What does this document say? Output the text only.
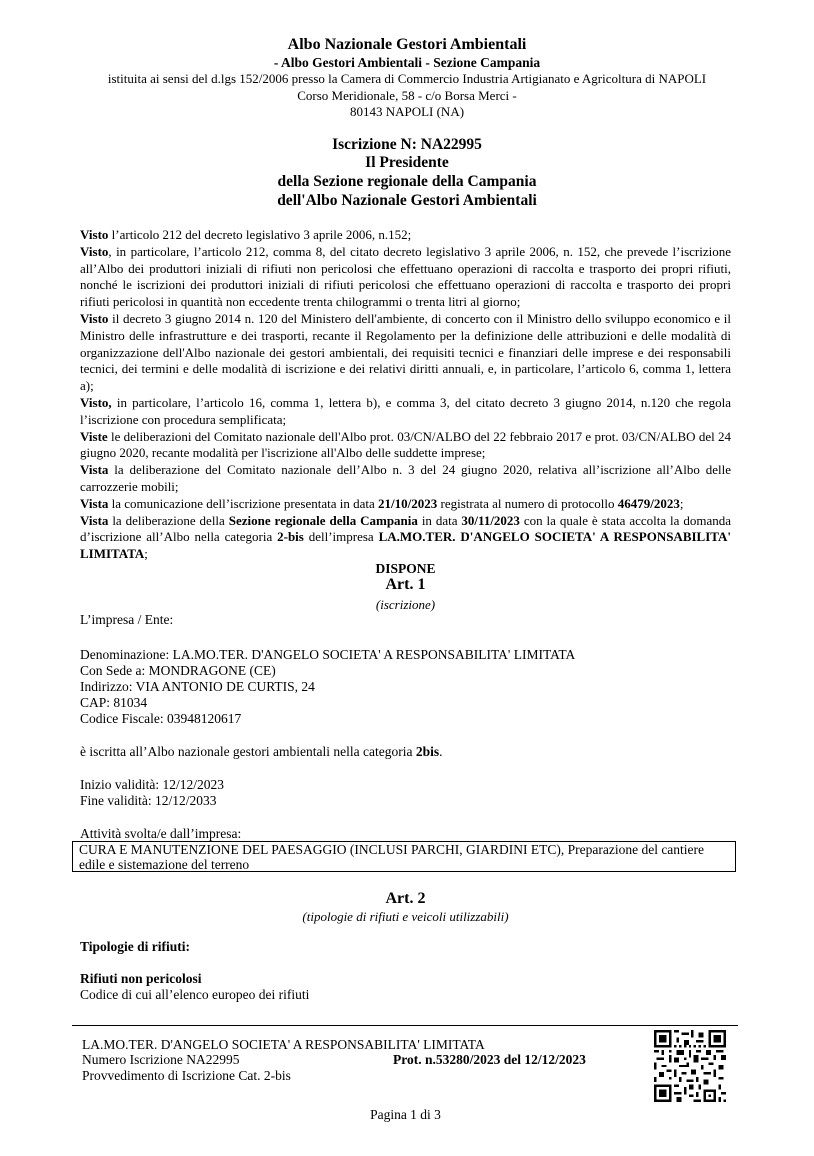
Albo Nazionale Gestori Ambientali
- Albo Gestori Ambientali - Sezione Campania
istituita ai sensi del d.lgs 152/2006 presso la Camera di Commercio Industria Artigianato e Agricoltura di NAPOLI
Corso Meridionale, 58 - c/o Borsa Merci -
80143 NAPOLI (NA)
Iscrizione N: NA22995
Il Presidente
della Sezione regionale della Campania
dell'Albo Nazionale Gestori Ambientali

Visto l’articolo 212 del decreto legislativo 3 aprile 2006, n.152;

Visto, in particolare, l’articolo 212, comma 8, del citato decreto legislativo 3 aprile 2006, n. 152, che prevede l’iscrizione all’Albo dei produttori iniziali di rifiuti non pericolosi che effettuano operazioni di raccolta e trasporto dei propri rifiuti, nonché le iscrizioni dei produttori iniziali di rifiuti pericolosi che effettuano operazioni di raccolta e trasporto dei propri rifiuti pericolosi in quantità non eccedente trenta chilogrammi o trenta litri al giorno;

Visto il decreto 3 giugno 2014 n. 120 del Ministero dell'ambiente, di concerto con il Ministro dello sviluppo economico e il Ministro delle infrastrutture e dei trasporti, recante il Regolamento per la definizione delle attribuzioni e delle modalità di organizzazione dell'Albo nazionale dei gestori ambientali, dei requisiti tecnici e finanziari delle imprese e dei responsabili tecnici, dei termini e delle modalità di iscrizione e dei relativi diritti annuali, e, in particolare, l’articolo 6, comma 1, lettera a);

Visto, in particolare, l’articolo 16, comma 1, lettera b), e comma 3, del citato decreto 3 giugno 2014, n.120 che regola l’iscrizione con procedura semplificata;

Viste le deliberazioni del Comitato nazionale dell'Albo prot. 03/CN/ALBO del 22 febbraio 2017 e prot. 03/CN/ALBO del 24 giugno 2020, recante modalità per l'iscrizione all'Albo delle suddette imprese;

Vista la deliberazione del Comitato nazionale dell’Albo n. 3 del 24 giugno 2020, relativa all’iscrizione all’Albo delle carrozzerie mobili;

Vista la comunicazione dell’iscrizione presentata in data 21/10/2023 registrata al numero di protocollo 46479/2023;

Vista la deliberazione della Sezione regionale della Campania in data 30/11/2023 con la quale è stata accolta la domanda d’iscrizione all’Albo nella categoria 2-bis dell’impresa LA.MO.TER. D'ANGELO SOCIETA' A RESPONSABILITA' LIMITATA;

DISPONE
Art. 1
(iscrizione)
L’impresa / Ente:
Denominazione: LA.MO.TER. D'ANGELO SOCIETA' A RESPONSABILITA' LIMITATA
Con Sede a: MONDRAGONE (CE)
Indirizzo: VIA ANTONIO DE CURTIS, 24
CAP: 81034
Codice Fiscale: 03948120617
è iscritta all’Albo nazionale gestori ambientali nella categoria 2bis.
Inizio validità: 12/12/2023
Fine validità: 12/12/2033
Attività svolta/e dall’impresa:
CURA E MANUTENZIONE DEL PAESAGGIO (INCLUSI PARCHI, GIARDINI ETC), Preparazione del cantiere edile e sistemazione del terreno
Art. 2
(tipologie di rifiuti e veicoli utilizzabili)
Tipologie di rifiuti:
Rifiuti non pericolosi
Codice di cui all’elenco europeo dei rifiuti
LA.MO.TER. D'ANGELO SOCIETA' A RESPONSABILITA' LIMITATA
Numero Iscrizione NA22995	Prot. n.53280/2023 del 12/12/2023
Provvedimento di Iscrizione Cat. 2-bis
Pagina 1 di 3
